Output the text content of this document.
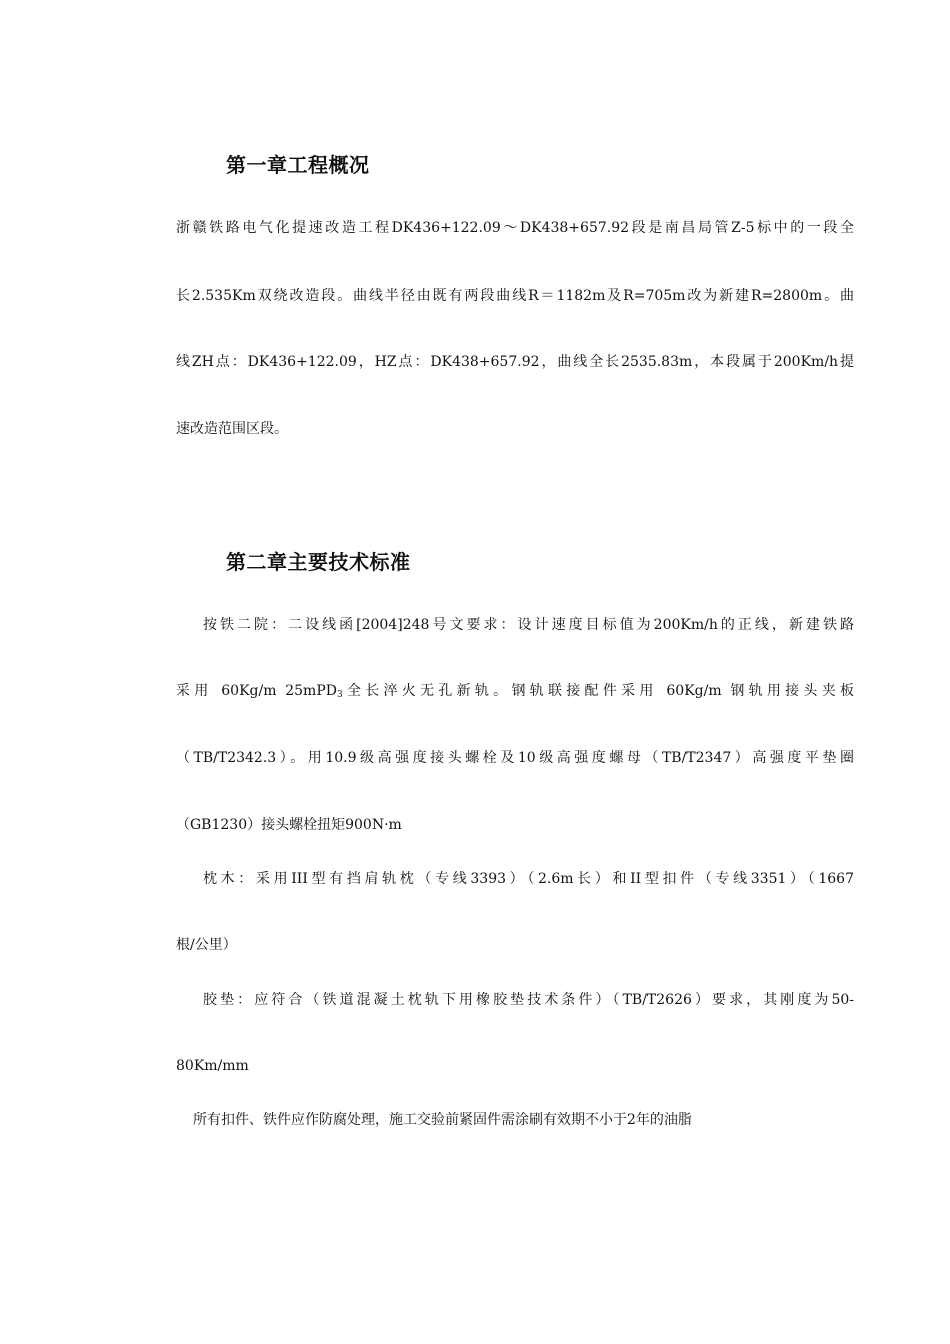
第一章工程概况
浙赣铁路电气化提速改造工程DK436+122.09～DK438+657.92段是南昌局管Z-5标中的一段全
长2.535Km双绕改造段。曲线半径由既有两段曲线R＝1182m及R=705m改为新建R=2800m。曲
线ZH点：DK436+122.09，HZ点：DK438+657.92，曲线全长2535.83m，本段属于200Km/h提
速改造范围区段。
第二章主要技术标准
按铁二院：二设线函[2004]248号文要求：设计速度目标值为200Km/h的正线，新建铁路
采用 60Kg/m 25mPD$_3$全长淬火无孔新轨。钢轨联接配件采用 60Kg/m 钢轨用接头夹板
（TB/T2342.3）。用10.9级高强度接头螺栓及10级高强度螺母（TB/T2347）高强度平垫圈
（GB1230）接头螺栓扭矩900N·m
枕木：采用III型有挡肩轨枕（专线3393）（2.6m长）和II型扣件（专线3351）（1667
根/公里）
胶垫：应符合（铁道混凝土枕轨下用橡胶垫技术条件）（TB/T2626）要求，其刚度为50-
80Km/mm
所有扣件、铁件应作防腐处理，施工交验前紧固件需涂刷有效期不小于2年的油脂
